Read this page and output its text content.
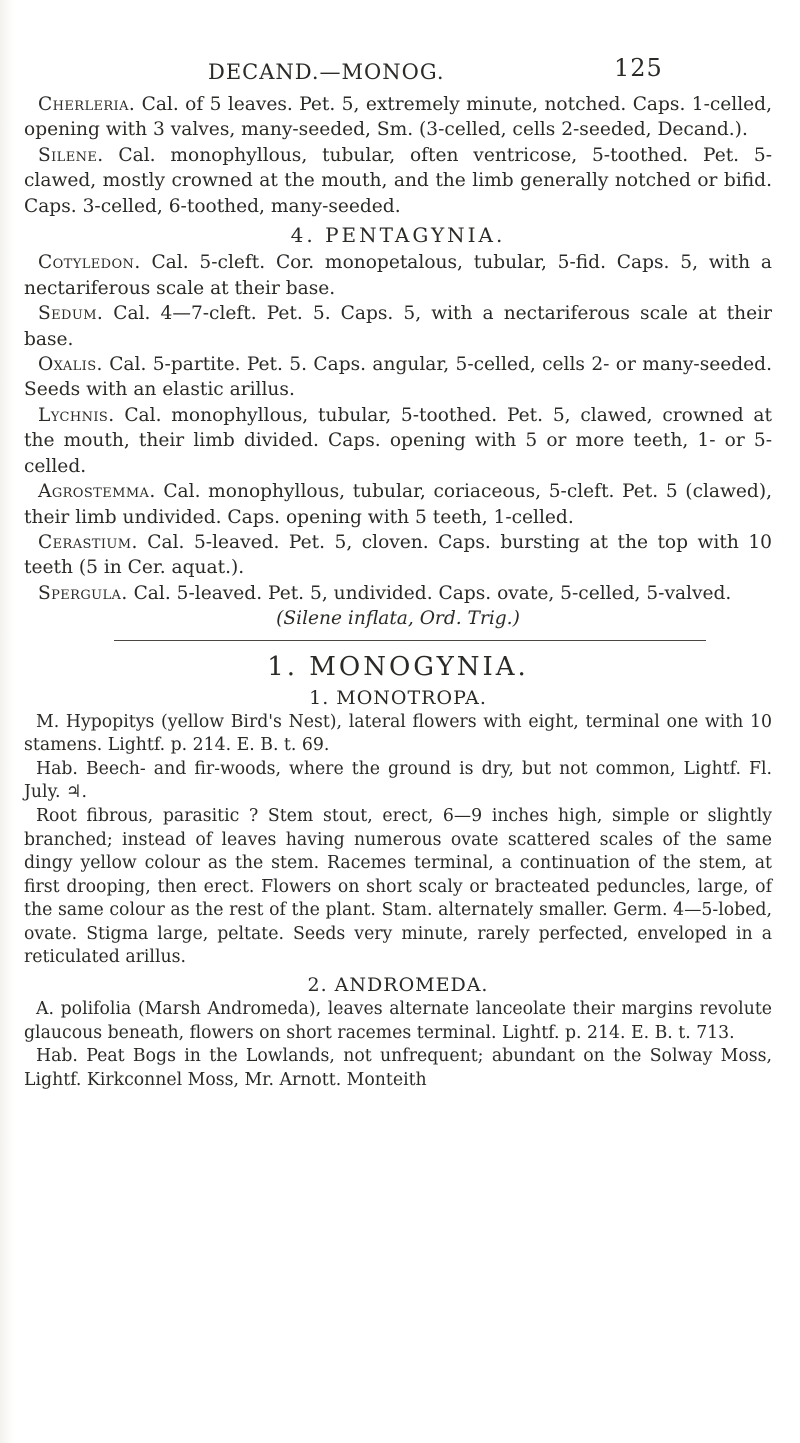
DECAND.—MONOG.	125

Cherleria. Cal. of 5 leaves. Pet. 5, extremely minute, notched. Caps. 1-celled, opening with 3 valves, many-seeded, Sm. (3-celled, cells 2-seeded, Decand.).

Silene. Cal. monophyllous, tubular, often ventricose, 5-toothed. Pet. 5-clawed, mostly crowned at the mouth, and the limb generally notched or bifid. Caps. 3-celled, 6-toothed, many-seeded.

4. PENTAGYNIA.

Cotyledon. Cal. 5-cleft. Cor. monopetalous, tubular, 5-fid. Caps. 5, with a nectariferous scale at their base.

Sedum. Cal. 4—7-cleft. Pet. 5. Caps. 5, with a nectariferous scale at their base.

Oxalis. Cal. 5-partite. Pet. 5. Caps. angular, 5-celled, cells 2- or many-seeded. Seeds with an elastic arillus.

Lychnis. Cal. monophyllous, tubular, 5-toothed. Pet. 5, clawed, crowned at the mouth, their limb divided. Caps. opening with 5 or more teeth, 1- or 5-celled.

Agrostemma. Cal. monophyllous, tubular, coriaceous, 5-cleft. Pet. 5 (clawed), their limb undivided. Caps. opening with 5 teeth, 1-celled.

Cerastium. Cal. 5-leaved. Pet. 5, cloven. Caps. bursting at the top with 10 teeth (5 in Cer. aquat.).

Spergula. Cal. 5-leaved. Pet. 5, undivided. Caps. ovate, 5-celled, 5-valved.

(Silene inflata, Ord. Trig.)

1. MONOGYNIA.
1. MONOTROPA.

M. Hypopitys (yellow Bird's Nest), lateral flowers with eight, terminal one with 10 stamens. Lightf. p. 214. E. B. t. 69.

Hab. Beech- and fir-woods, where the ground is dry, but not common, Lightf. Fl. July. ♃.

Root fibrous, parasitic ? Stem stout, erect, 6—9 inches high, simple or slightly branched; instead of leaves having numerous ovate scattered scales of the same dingy yellow colour as the stem. Racemes terminal, a continuation of the stem, at first drooping, then erect. Flowers on short scaly or bracteated peduncles, large, of the same colour as the rest of the plant. Stam. alternately smaller. Germ. 4—5-lobed, ovate. Stigma large, peltate. Seeds very minute, rarely perfected, enveloped in a reticulated arillus.

2. ANDROMEDA.

A. polifolia (Marsh Andromeda), leaves alternate lanceolate their margins revolute glaucous beneath, flowers on short racemes terminal. Lightf. p. 214. E. B. t. 713.

Hab. Peat Bogs in the Lowlands, not unfrequent; abundant on the Solway Moss, Lightf. Kirkconnel Moss, Mr. Arnott. Monteith
